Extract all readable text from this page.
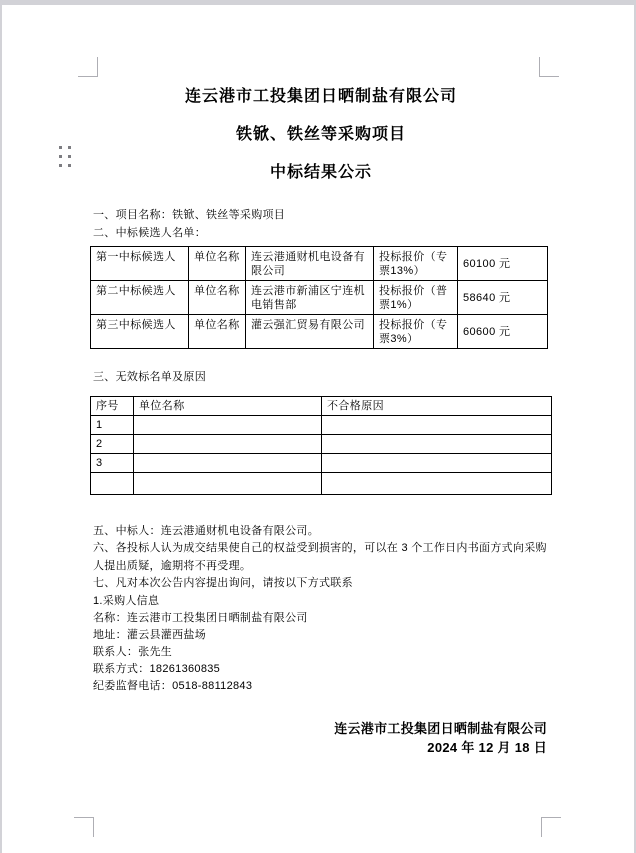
连云港市工投集团日晒制盐有限公司
铁锨、铁丝等采购项目
中标结果公示

一、项目名称：铁锨、铁丝等采购项目

二、中标候选人名单：

第一中标候选人	单位名称	连云港通财机电设备有限公司	投标报价（专票13%）	60100 元
第二中标候选人	单位名称	连云港市新浦区宁连机电销售部	投标报价（普票1%）	58640 元
第三中标候选人	单位名称	灌云强汇贸易有限公司	投标报价（专票3%）	60600 元

三、无效标名单及原因

序号	单位名称	不合格原因
1		
2		
3		

五、中标人：连云港通财机电设备有限公司。

六、各投标人认为成交结果使自己的权益受到损害的，可以在 3 个工作日内书面方式向采购人提出质疑，逾期将不再受理。

七、凡对本次公告内容提出询问，请按以下方式联系

1.采购人信息

名称：连云港市工投集团日晒制盐有限公司

地址：灌云县灌西盐场

联系人：张先生

联系方式：18261360835

纪委监督电话：0518-88112843

连云港市工投集团日晒制盐有限公司

2024 年 12 月 18 日
